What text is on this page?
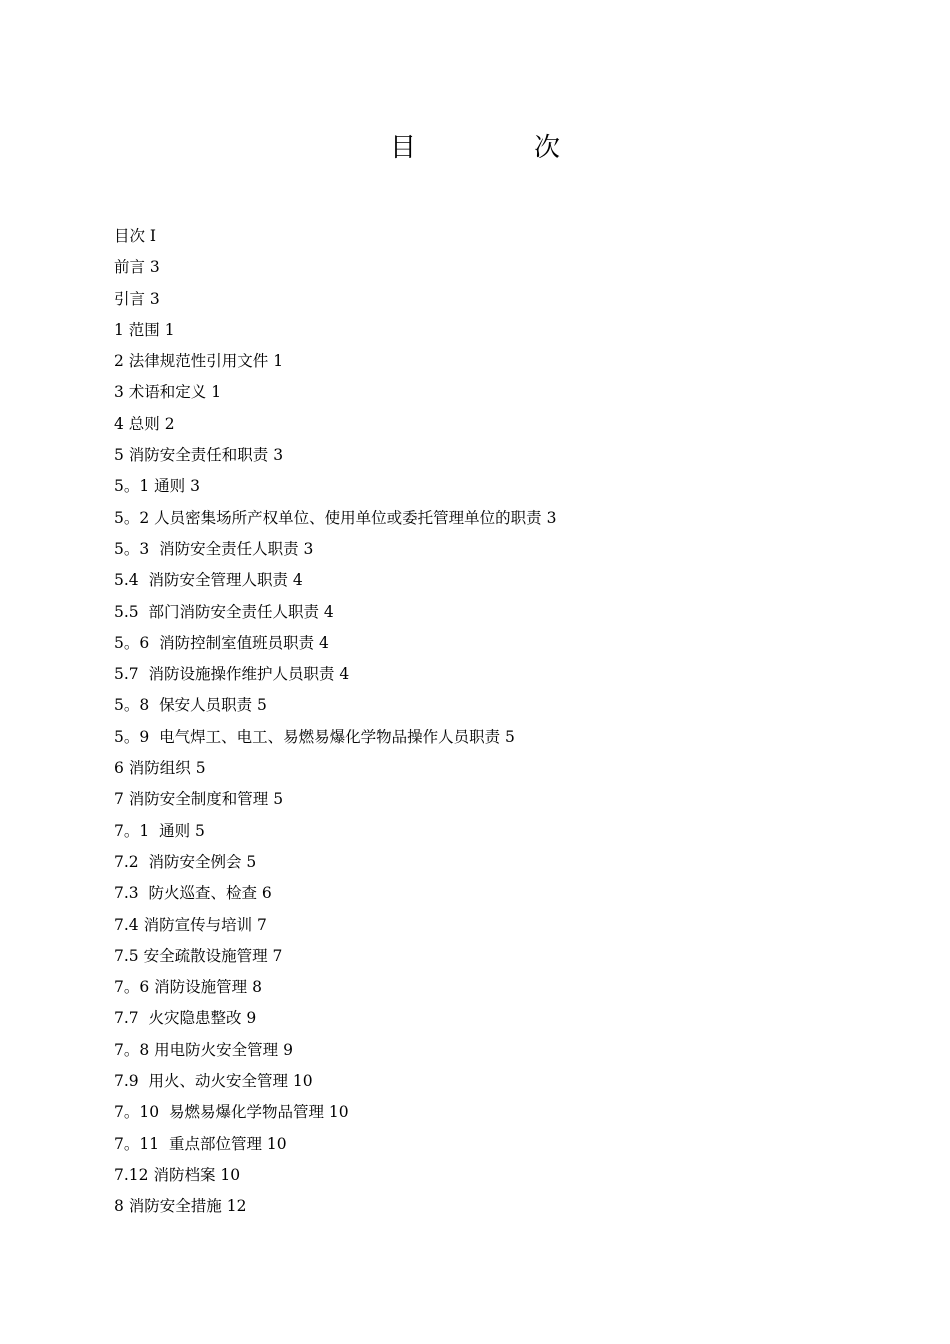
目　次
目次 I
前言 3
引言 3
1 范围 1
2 法律规范性引用文件 1
3 术语和定义 1
4 总则 2
5 消防安全责任和职责 3
5。1 通则 3
5。2 人员密集场所产权单位、使用单位或委托管理单位的职责 3
5。3  消防安全责任人职责 3
5.4  消防安全管理人职责 4
5.5  部门消防安全责任人职责 4
5。6  消防控制室值班员职责 4
5.7  消防设施操作维护人员职责 4
5。8  保安人员职责 5
5。9  电气焊工、电工、易燃易爆化学物品操作人员职责 5
6 消防组织 5
7 消防安全制度和管理 5
7。1  通则 5
7.2  消防安全例会 5
7.3  防火巡查、检查 6
7.4 消防宣传与培训 7
7.5 安全疏散设施管理 7
7。6 消防设施管理 8
7.7  火灾隐患整改 9
7。8 用电防火安全管理 9
7.9  用火、动火安全管理 10
7。10  易燃易爆化学物品管理 10
7。11  重点部位管理 10
7.12 消防档案 10
8 消防安全措施 12
